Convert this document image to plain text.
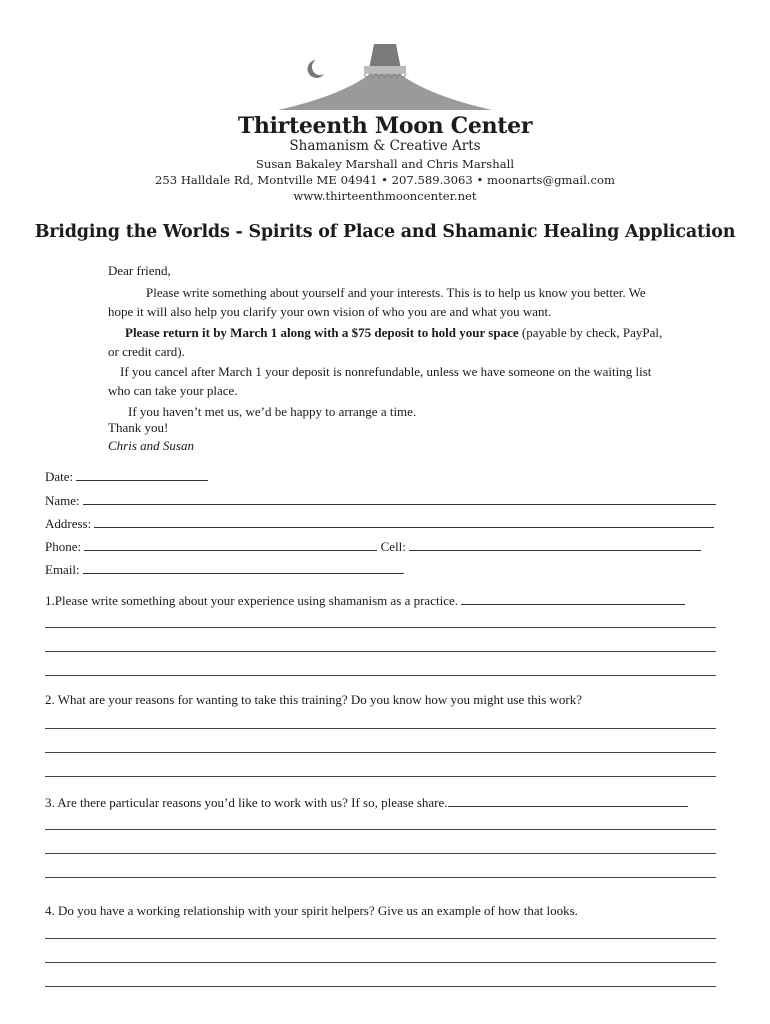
Thirteenth Moon Center
Shamanism & Creative Arts
Susan Bakaley Marshall and Chris Marshall
253 Halldale Rd, Montville ME 04941 • 207.589.3063 • moonarts@gmail.com
www.thirteenthmooncenter.net
Bridging the Worlds - Spirits of Place and Shamanic Healing Application
Dear friend,
Please write something about yourself and your interests. This is to help us know you better. We hope it will also help you clarify your own vision of who you are and what you want.
Please return it by March 1 along with a $75 deposit to hold your space (payable by check, PayPal, or credit card).
If you cancel after March 1 your deposit is nonrefundable, unless we have someone on the waiting list who can take your place.
If you haven’t met us, we’d be happy to arrange a time.
Thank you!
Chris and Susan
Date:
Name:
Address:
Phone:	Cell:
Email:
1.Please write something about your experience using shamanism as a practice.
2. What are your reasons for wanting to take this training? Do you know how you might use this work?
3. Are there particular reasons you’d like to work with us? If so, please share.
4. Do you have a working relationship with your spirit helpers? Give us an example of how that looks.
